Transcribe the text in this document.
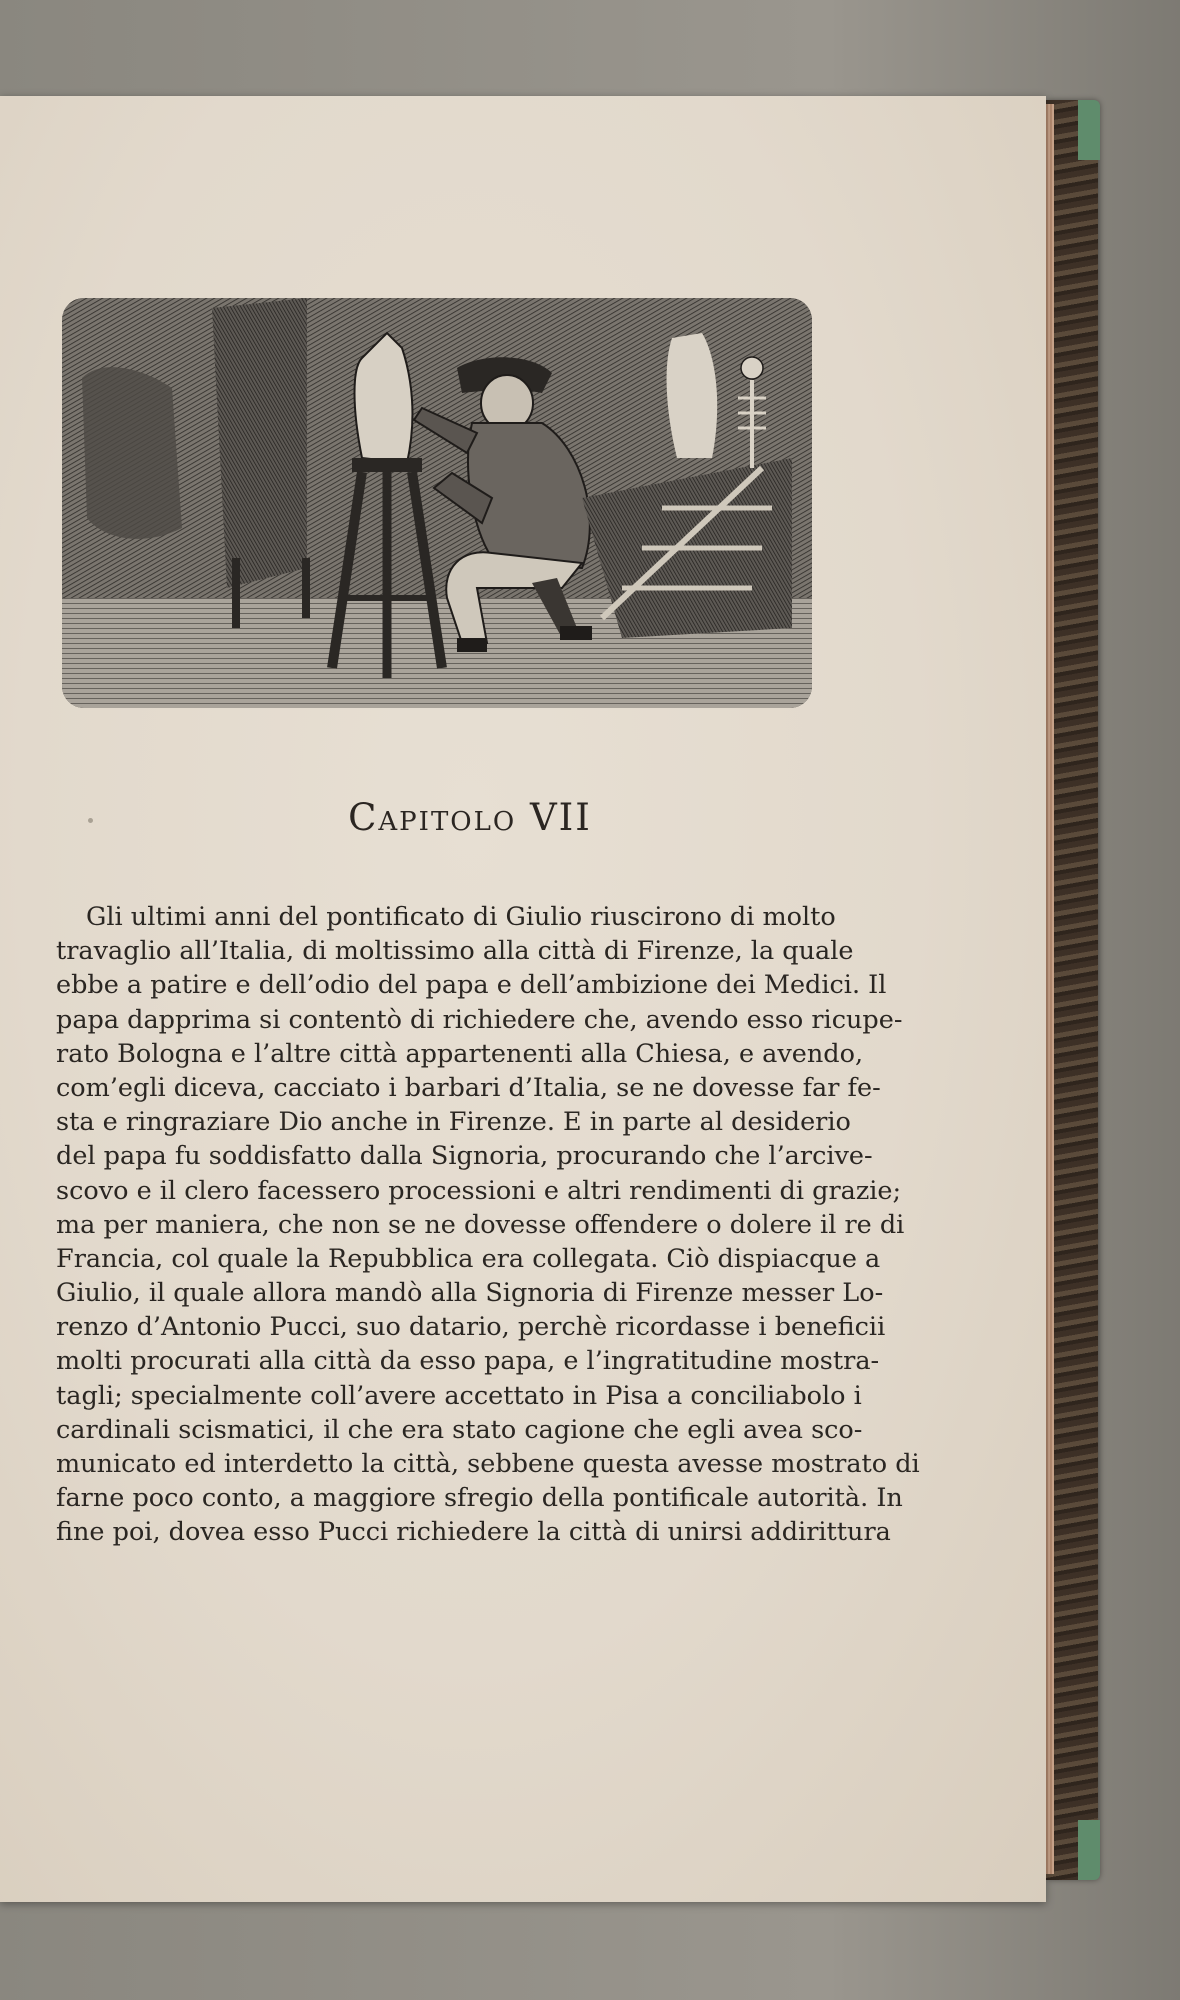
Capitolo VII
Gli ultimi anni del pontificato di Giulio riuscirono di molto
travaglio all’Italia, di moltissimo alla città di Firenze, la quale
ebbe a patire e dell’odio del papa e dell’ambizione dei Medici. Il
papa dapprima si contentò di richiedere che, avendo esso ricupe-
rato Bologna e l’altre città appartenenti alla Chiesa, e avendo,
com’egli diceva, cacciato i barbari d’Italia, se ne dovesse far fe-
sta e ringraziare Dio anche in Firenze. E in parte al desiderio
del papa fu soddisfatto dalla Signoria, procurando che l’arcive-
scovo e il clero facessero processioni e altri rendimenti di grazie;
ma per maniera, che non se ne dovesse offendere o dolere il re di
Francia, col quale la Repubblica era collegata. Ciò dispiacque a
Giulio, il quale allora mandò alla Signoria di Firenze messer Lo-
renzo d’Antonio Pucci, suo datario, perchè ricordasse i beneficii
molti procurati alla città da esso papa, e l’ingratitudine mostra-
tagli; specialmente coll’avere accettato in Pisa a conciliabolo i
cardinali scismatici, il che era stato cagione che egli avea sco-
municato ed interdetto la città, sebbene questa avesse mostrato di
farne poco conto, a maggiore sfregio della pontificale autorità. In
fine poi, dovea esso Pucci richiedere la città di unirsi addirittura
